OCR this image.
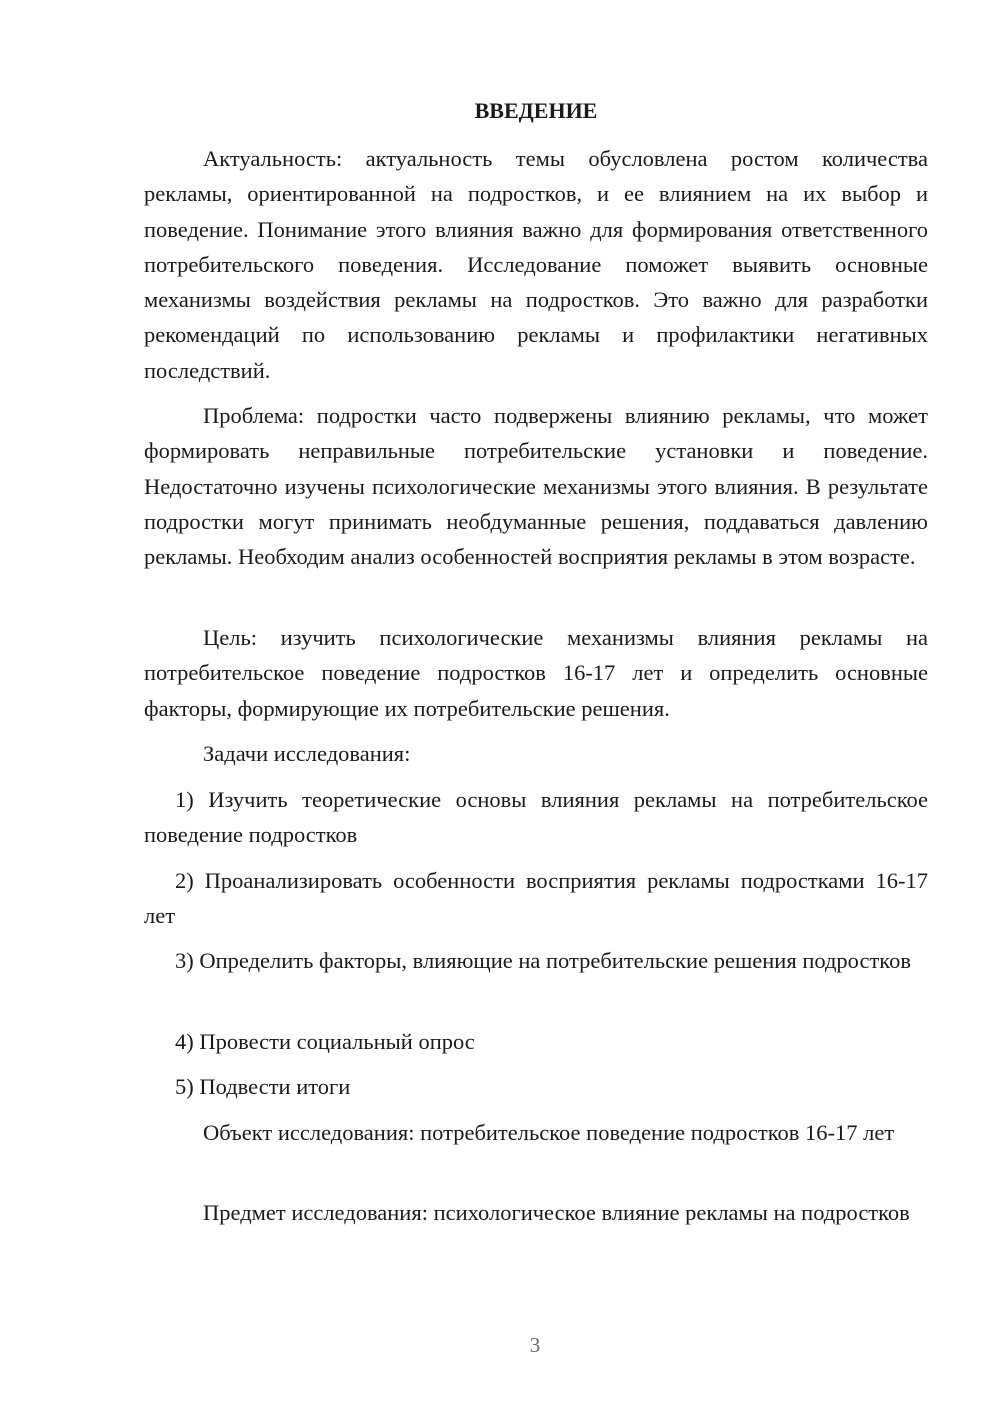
ВВЕДЕНИЕ

Актуальность: актуальность темы обусловлена ростом количества рекламы, ориентированной на подростков, и ее влиянием на их выбор и поведение. Понимание этого влияния важно для формирования ответственного потребительского поведения. Исследование поможет выявить основные механизмы воздействия рекламы на подростков. Это важно для разработки рекомендаций по использованию рекламы и профилактики негативных последствий.

Проблема: подростки часто подвержены влиянию рекламы, что может формировать неправильные потребительские установки и поведение. Недостаточно изучены психологические механизмы этого влияния. В результате подростки могут принимать необдуманные решения, поддаваться давлению рекламы. Необходим анализ особенностей восприятия рекламы в этом возрасте.

Цель: изучить психологические механизмы влияния рекламы на потребительское поведение подростков 16-17 лет и определить основные факторы, формирующие их потребительские решения.

Задачи исследования:

1) Изучить теоретические основы влияния рекламы на потребительское поведение подростков

2) Проанализировать особенности восприятия рекламы подростками 16-17 лет

3) Определить факторы, влияющие на потребительские решения подростков

4) Провести социальный опрос

5) Подвести итоги

Объект исследования: потребительское поведение подростков 16-17 лет

Предмет исследования: психологическое влияние рекламы на подростков

3
